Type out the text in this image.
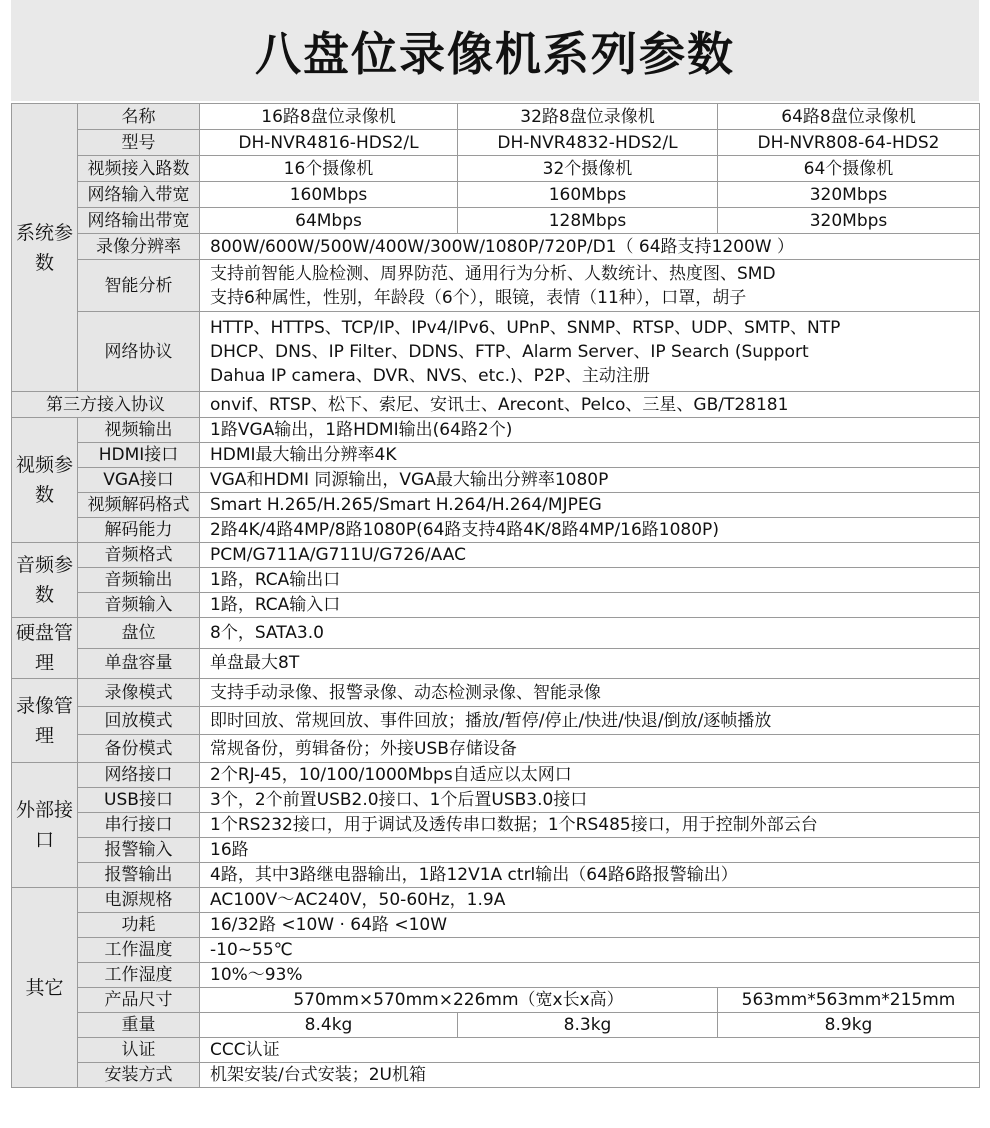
八盘位录像机系列参数
系统参数	名称	16路8盘位录像机	32路8盘位录像机	64路8盘位录像机
	型号	DH-NVR4816-HDS2/L	DH-NVR4832-HDS2/L	DH-NVR808-64-HDS2
	视频接入路数	16个摄像机	32个摄像机	64个摄像机
	网络输入带宽	160Mbps	160Mbps	320Mbps
	网络输出带宽	64Mbps	128Mbps	320Mbps
	录像分辨率	800W/600W/500W/400W/300W/1080P/720P/D1（ 64路支持1200W ）		
	智能分析	支持前智能人脸检测、周界防范、通用行为分析、人数统计、热度图、SMD
支持6种属性，性别，年龄段（6个），眼镜，表情（11种），口罩，胡子		

	网络协议	HTTP、HTTPS、TCP/IP、IPv4/IPv6、UPnP、SNMP、RTSP、UDP、SMTP、NTP
DHCP、DNS、IP Filter、DDNS、FTP、Alarm Server、IP Search (Support
Dahua IP camera、DVR、NVS、etc.)、P2P、主动注册		

第三方接入协议		onvif、RTSP、松下、索尼、安讯士、Arecont、Pelco、三星、GB/T28181		
视频参数	视频输出	1路VGA输出，1路HDMI输出(64路2个)		
	HDMI接口	HDMI最大输出分辨率4K		
	VGA接口	VGA和HDMI 同源输出，VGA最大输出分辨率1080P		
	视频解码格式	Smart H.265/H.265/Smart H.264/H.264/MJPEG		
	解码能力	2路4K/4路4MP/8路1080P(64路支持4路4K/8路4MP/16路1080P)		
音频参数	音频格式	PCM/G711A/G711U/G726/AAC		
	音频输出	1路，RCA输出口		
	音频输入	1路，RCA输入口		
硬盘管理	盘位	8个，SATA3.0		
	单盘容量	单盘最大8T		
录像管理	录像模式	支持手动录像、报警录像、动态检测录像、智能录像		
	回放模式	即时回放、常规回放、事件回放；播放/暂停/停止/快进/快退/倒放/逐帧播放		
	备份模式	常规备份，剪辑备份；外接USB存储设备		
外部接口	网络接口	2个RJ-45，10/100/1000Mbps自适应以太网口		
	USB接口	3个，2个前置USB2.0接口、1个后置USB3.0接口		
	串行接口	1个RS232接口，用于调试及透传串口数据；1个RS485接口，用于控制外部云台		
	报警输入	16路		
	报警输出	4路，其中3路继电器输出，1路12V1A ctrl输出（64路6路报警输出）		
其它	电源规格	AC100V～AC240V，50-60Hz，1.9A		
	功耗	16/32路 <10W · 64路 <10W		
	工作温度	-10~55℃		
	工作湿度	10%～93%		
	产品尺寸	570mm×570mm×226mm（宽x长x高）		563mm*563mm*215mm
	重量	8.4kg	8.3kg	8.9kg
	认证	CCC认证		
	安装方式	机架安装/台式安装；2U机箱		
